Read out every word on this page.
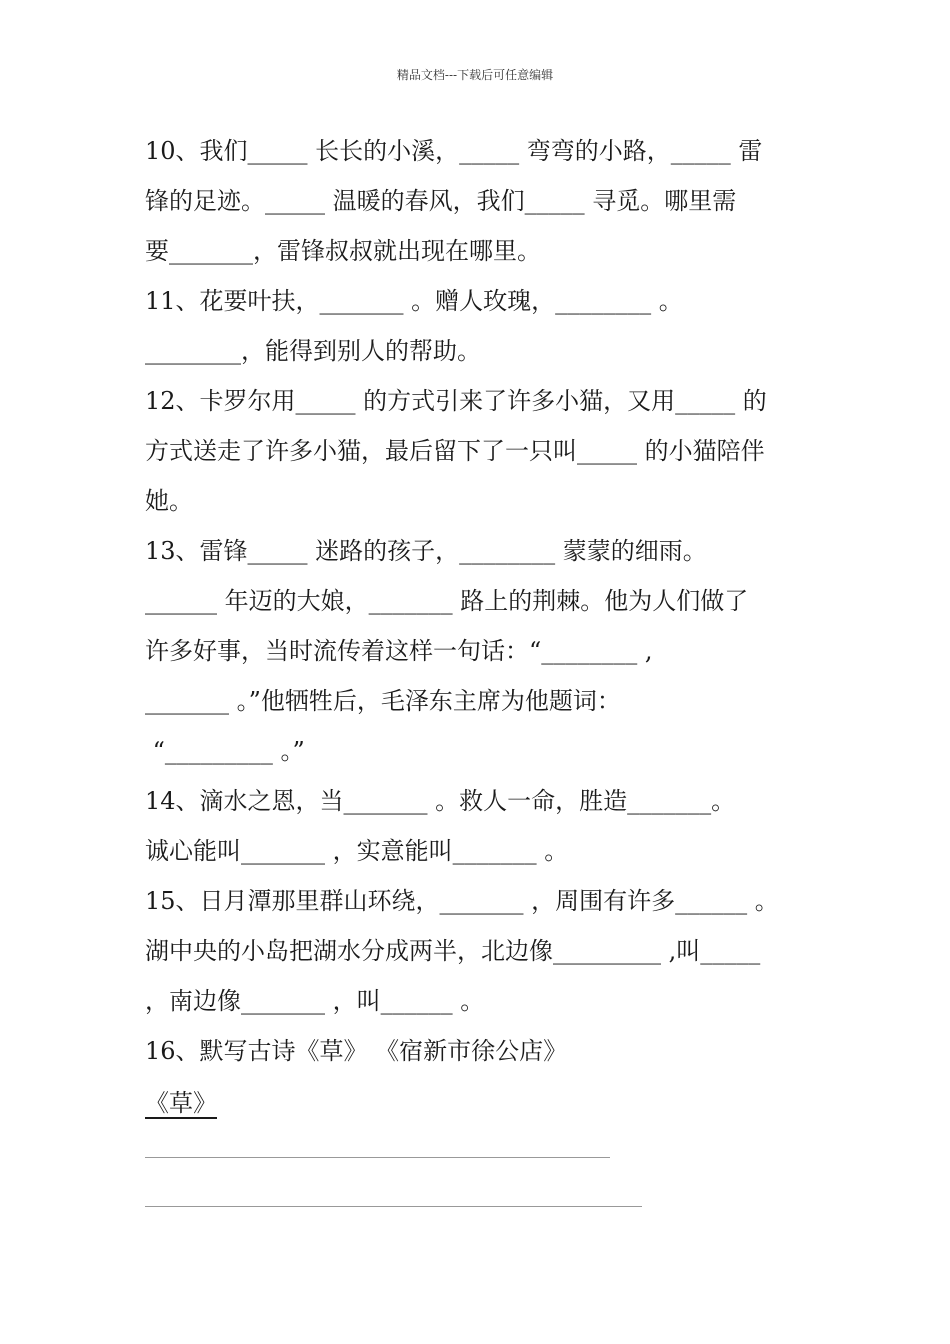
精品文档---下载后可任意编辑
10、我们_____ 长长的小溪，_____ 弯弯的小路，_____ 雷
锋的足迹。_____ 温暖的春风，我们_____ 寻觅。哪里需
要_______，雷锋叔叔就出现在哪里。
11、花要叶扶，_______ 。赠人玫瑰，________ 。
________，能得到别人的帮助。
12、卡罗尔用_____ 的方式引来了许多小猫，又用_____ 的
方式送走了许多小猫，最后留下了一只叫_____ 的小猫陪伴
她。
13、雷锋_____ 迷路的孩子，________ 蒙蒙的细雨。
______ 年迈的大娘，_______ 路上的荆棘。他为人们做了
许多好事，当时流传着这样一句话：“________ ,
_______ 。”他牺牲后，毛泽东主席为他题词：
“_________ 。”
14、滴水之恩，当_______ 。救人一命，胜造_______。
诚心能叫_______ ，实意能叫_______ 。
15、日月潭那里群山环绕，_______ ，周围有许多______ 。
湖中央的小岛把湖水分成两半，北边像_________ ,叫_____
，南边像_______ ，叫______ 。
16、默写古诗《草》 《宿新市徐公店》
《草》
